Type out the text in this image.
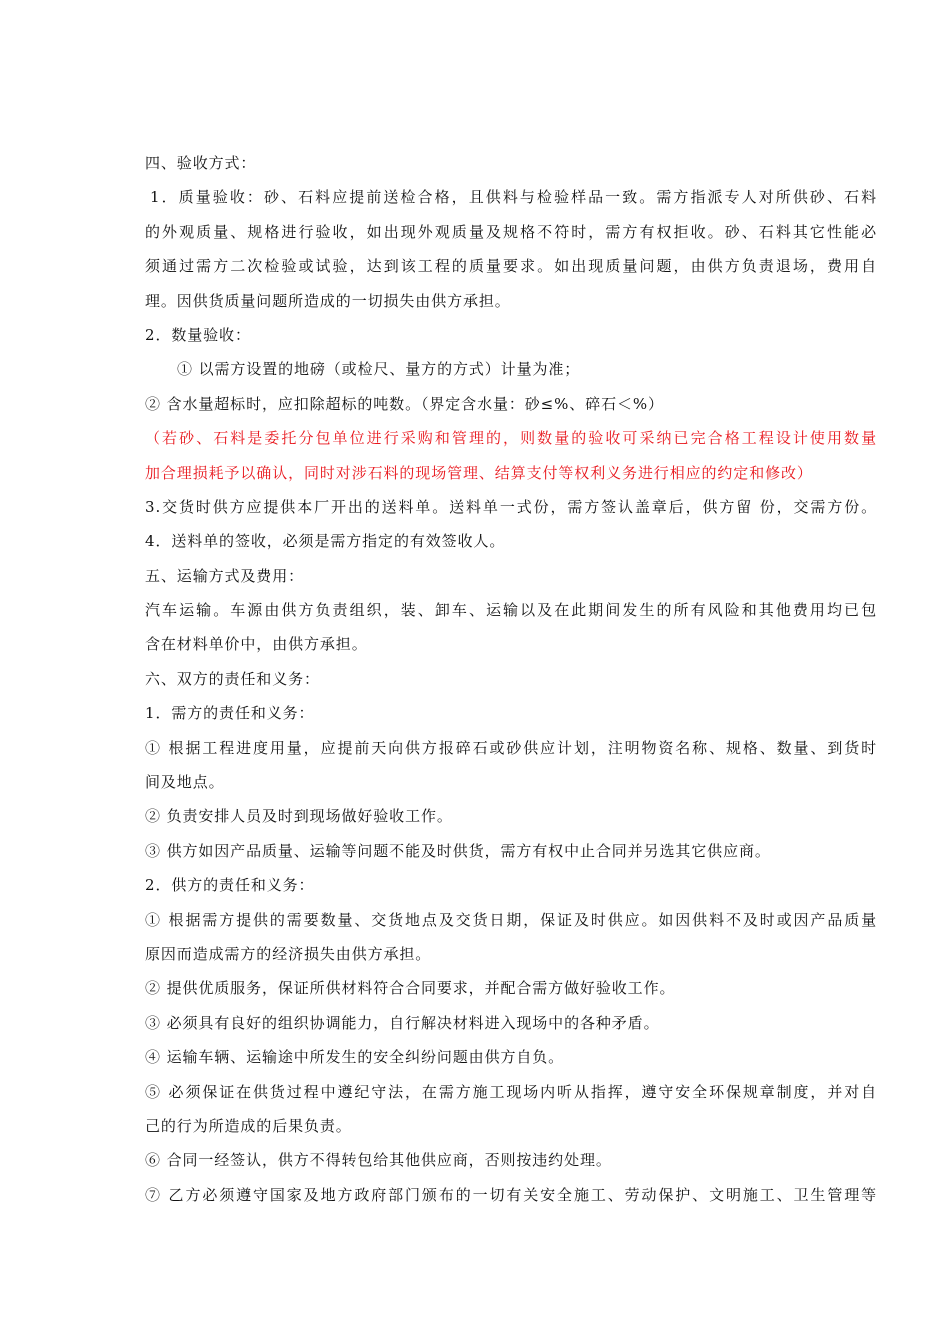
四、验收方式：
1．质量验收：砂、石料应提前送检合格，且供料与检验样品一致。需方指派专人对所供砂、石料
的外观质量、规格进行验收，如出现外观质量及规格不符时，需方有权拒收。砂、石料其它性能必
须通过需方二次检验或试验，达到该工程的质量要求。如出现质量问题，由供方负责退场，费用自
理。因供货质量问题所造成的一切损失由供方承担。
2．数量验收：
① 以需方设置的地磅（或检尺、量方的方式）计量为准；
② 含水量超标时，应扣除超标的吨数。（界定含水量：砂≤%、碎石＜%）
（若砂、石料是委托分包单位进行采购和管理的，则数量的验收可采纳已完合格工程设计使用数量
加合理损耗予以确认，同时对涉石料的现场管理、结算支付等权利义务进行相应的约定和修改）
3.交货时供方应提供本厂开出的送料单。送料单一式份，需方签认盖章后，供方留 份，交需方份。
4．送料单的签收，必须是需方指定的有效签收人。
五、运输方式及费用：
汽车运输。车源由供方负责组织，装、卸车、运输以及在此期间发生的所有风险和其他费用均已包
含在材料单价中，由供方承担。
六、双方的责任和义务：
1．需方的责任和义务：
① 根据工程进度用量，应提前天向供方报碎石或砂供应计划，注明物资名称、规格、数量、到货时
间及地点。
② 负责安排人员及时到现场做好验收工作。
③ 供方如因产品质量、运输等问题不能及时供货，需方有权中止合同并另选其它供应商。
2．供方的责任和义务：
① 根据需方提供的需要数量、交货地点及交货日期，保证及时供应。如因供料不及时或因产品质量
原因而造成需方的经济损失由供方承担。
② 提供优质服务，保证所供材料符合合同要求，并配合需方做好验收工作。
③ 必须具有良好的组织协调能力，自行解决材料进入现场中的各种矛盾。
④ 运输车辆、运输途中所发生的安全纠纷问题由供方自负。
⑤ 必须保证在供货过程中遵纪守法，在需方施工现场内听从指挥，遵守安全环保规章制度，并对自
己的行为所造成的后果负责。
⑥ 合同一经签认，供方不得转包给其他供应商，否则按违约处理。
⑦ 乙方必须遵守国家及地方政府部门颁布的一切有关安全施工、劳动保护、文明施工、卫生管理等
